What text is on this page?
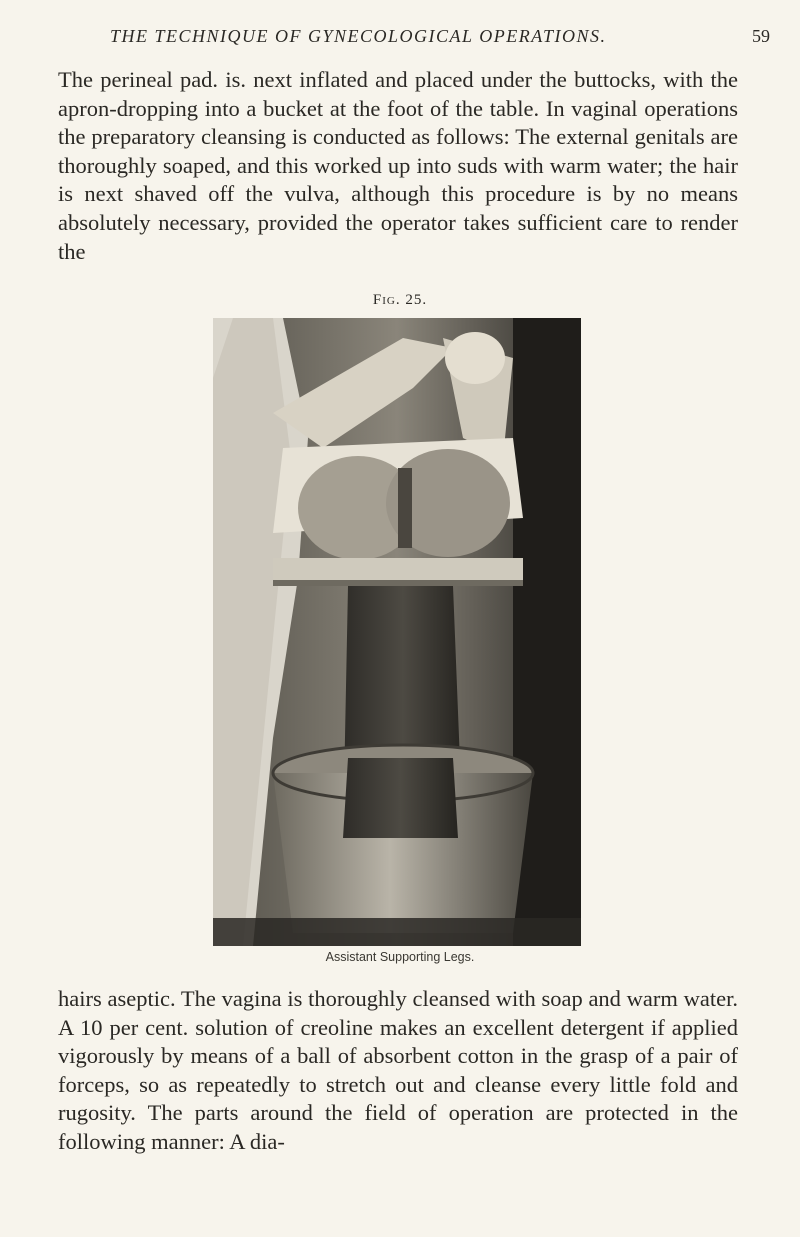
THE TECHNIQUE OF GYNECOLOGICAL OPERATIONS.	59

The perineal pad. is. next inflated and placed under the buttocks, with the apron-dropping into a bucket at the foot of the table. In vaginal operations the preparatory cleansing is conducted as follows: The external genitals are thoroughly soaped, and this worked up into suds with warm water; the hair is next shaved off the vulva, although this procedure is by no means absolutely necessary, provided the operator takes sufficient care to render the

Fig. 25.
Assistant Supporting Legs.

hairs aseptic. The vagina is thoroughly cleansed with soap and warm water. A 10 per cent. solution of creoline makes an excellent detergent if applied vigorously by means of a ball of absorbent cotton in the grasp of a pair of forceps, so as repeatedly to stretch out and cleanse every little fold and rugosity. The parts around the field of operation are protected in the following manner: A dia-
